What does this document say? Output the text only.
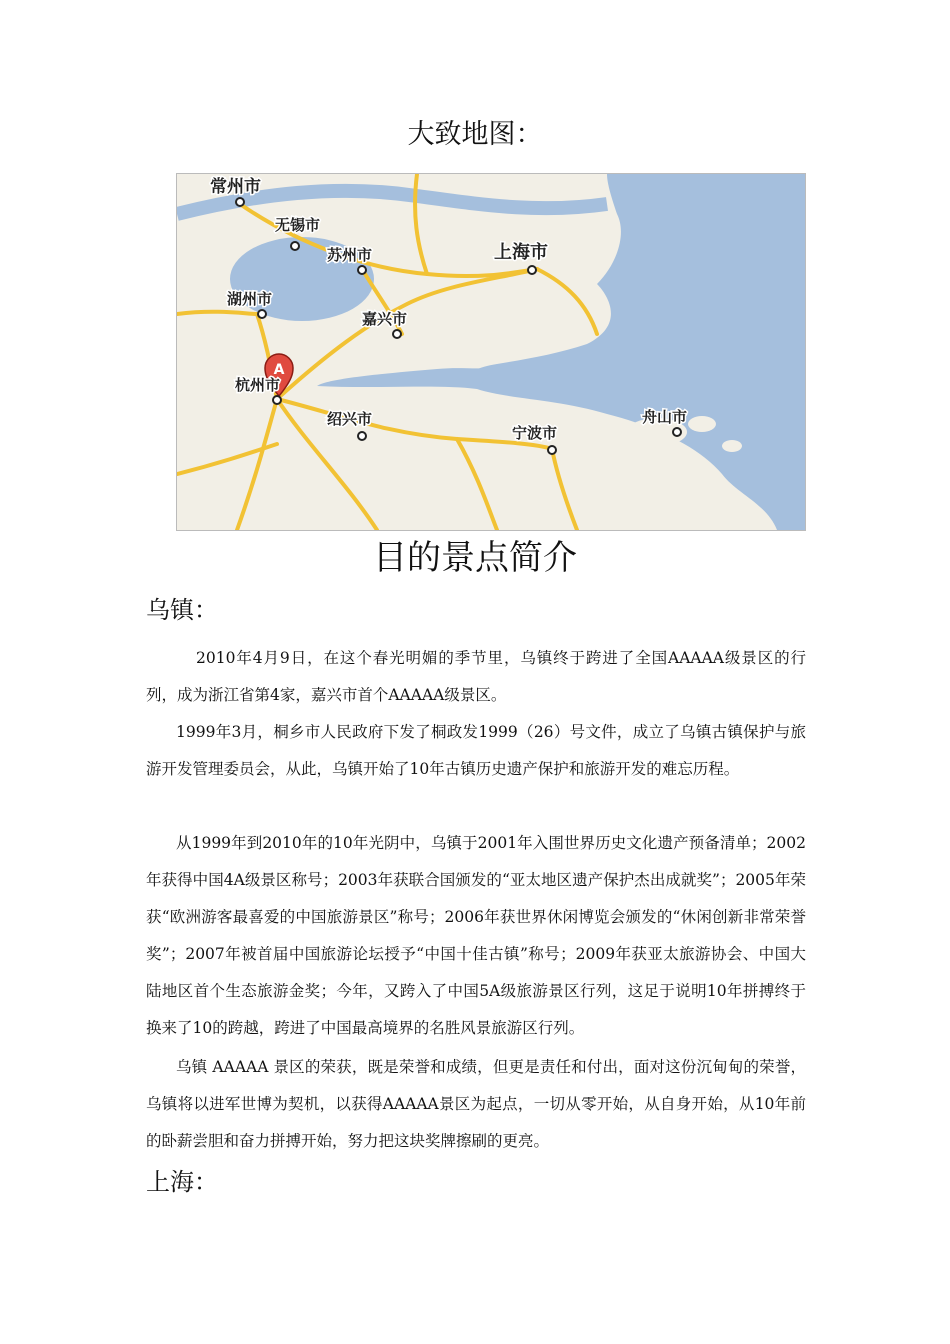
大致地图：
A
常州市
无锡市
苏州市	上海市
湖州市
嘉兴市
杭州市
绍兴市
宁波市
舟山市
目的景点简介
乌镇：
2010年4月9日，在这个春光明媚的季节里，乌镇终于跨进了全国AAAAA级景区的行列，成为浙江省第4家，嘉兴市首个AAAAA级景区。
1999年3月，桐乡市人民政府下发了桐政发1999（26）号文件，成立了乌镇古镇保护与旅游开发管理委员会，从此，乌镇开始了10年古镇历史遗产保护和旅游开发的难忘历程。
从1999年到2010年的10年光阴中，乌镇于2001年入围世界历史文化遗产预备清单；2002年获得中国4A级景区称号；2003年获联合国颁发的“亚太地区遗产保护杰出成就奖”；2005年荣获“欧洲游客最喜爱的中国旅游景区”称号；2006年获世界休闲博览会颁发的“休闲创新非常荣誉奖”；2007年被首届中国旅游论坛授予“中国十佳古镇”称号；2009年获亚太旅游协会、中国大陆地区首个生态旅游金奖；今年，又跨入了中国5A级旅游景区行列，这足于说明10年拼搏终于换来了10的跨越，跨进了中国最高境界的名胜风景旅游区行列。
乌镇 AAAAA 景区的荣获，既是荣誉和成绩，但更是责任和付出，面对这份沉甸甸的荣誉，乌镇将以进军世博为契机，以获得AAAAA景区为起点，一切从零开始，从自身开始，从10年前的卧薪尝胆和奋力拼搏开始，努力把这块奖牌擦刷的更亮。
上海：
